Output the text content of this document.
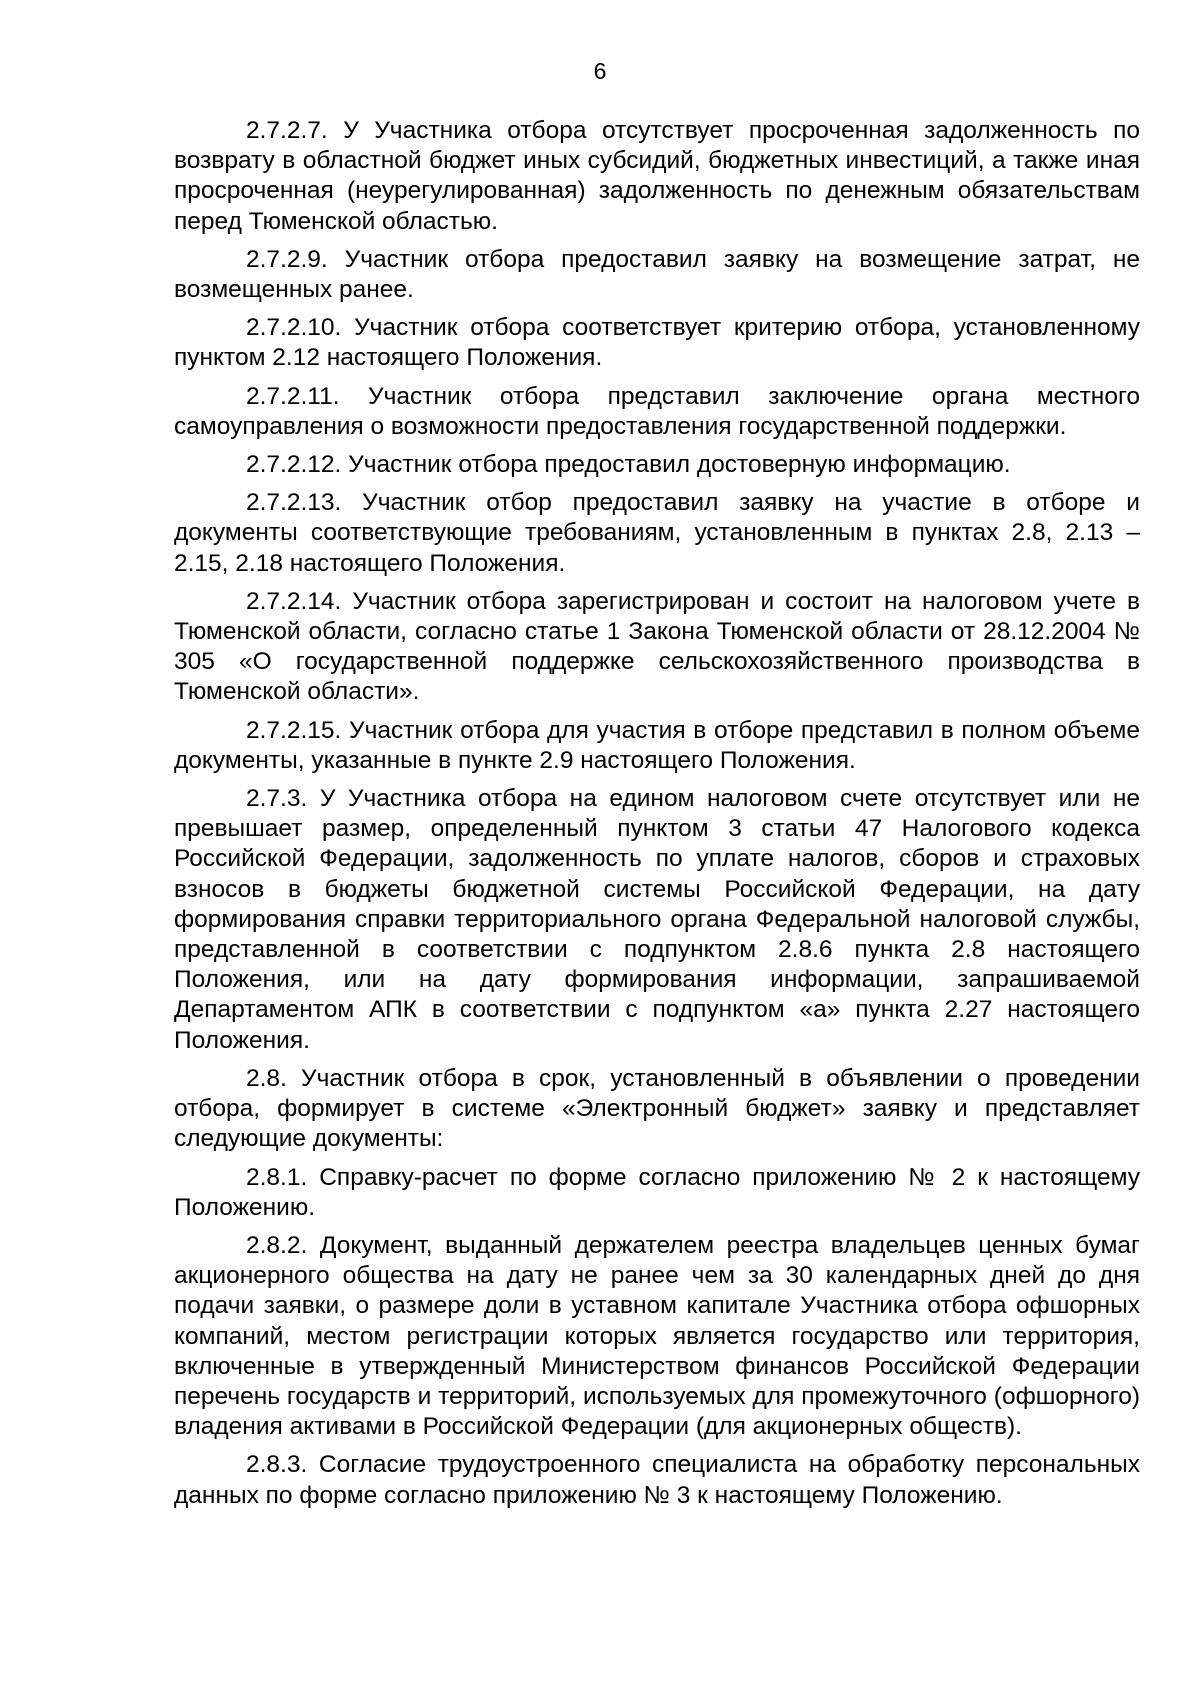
6

2.7.2.7. У Участника отбора отсутствует просроченная задолженность по возврату в областной бюджет иных субсидий, бюджетных инвестиций, а также иная просроченная (неурегулированная) задолженность по денежным обязательствам перед Тюменской областью.

2.7.2.9. Участник отбора предоставил заявку на возмещение затрат, не возмещенных ранее.

2.7.2.10. Участник отбора соответствует критерию отбора, установленному пунктом 2.12 настоящего Положения.

2.7.2.11. Участник отбора представил заключение органа местного самоуправления о возможности предоставления государственной поддержки.

2.7.2.12. Участник отбора предоставил достоверную информацию.

2.7.2.13. Участник отбор предоставил заявку на участие в отборе и документы соответствующие требованиям, установленным в пунктах 2.8, 2.13 – 2.15, 2.18 настоящего Положения.

2.7.2.14. Участник отбора зарегистрирован и состоит на налоговом учете в Тюменской области, согласно статье 1 Закона Тюменской области от 28.12.2004 № 305 «О государственной поддержке сельскохозяйственного производства в Тюменской области».

2.7.2.15. Участник отбора для участия в отборе представил в полном объеме документы, указанные в пункте 2.9 настоящего Положения.

2.7.3. У Участника отбора на едином налоговом счете отсутствует или не превышает размер, определенный пунктом 3 статьи 47 Налогового кодекса Российской Федерации, задолженность по уплате налогов, сборов и страховых взносов в бюджеты бюджетной системы Российской Федерации, на дату формирования справки территориального органа Федеральной налоговой службы, представленной в соответствии с подпунктом 2.8.6 пункта 2.8 настоящего Положения, или на дату формирования информации, запрашиваемой Департаментом АПК в соответствии с подпунктом «а» пункта 2.27 настоящего Положения.

2.8. Участник отбора в срок, установленный в объявлении о проведении отбора, формирует в системе «Электронный бюджет» заявку и представляет следующие документы:

2.8.1. Справку-расчет по форме согласно приложению № 2 к настоящему Положению.

2.8.2. Документ, выданный держателем реестра владельцев ценных бумаг акционерного общества на дату не ранее чем за 30 календарных дней до дня подачи заявки, о размере доли в уставном капитале Участника отбора офшорных компаний, местом регистрации которых является государство или территория, включенные в утвержденный Министерством финансов Российской Федерации перечень государств и территорий, используемых для промежуточного (офшорного) владения активами в Российской Федерации (для акционерных обществ).

2.8.3. Согласие трудоустроенного специалиста на обработку персональных данных по форме согласно приложению № 3 к настоящему Положению.
